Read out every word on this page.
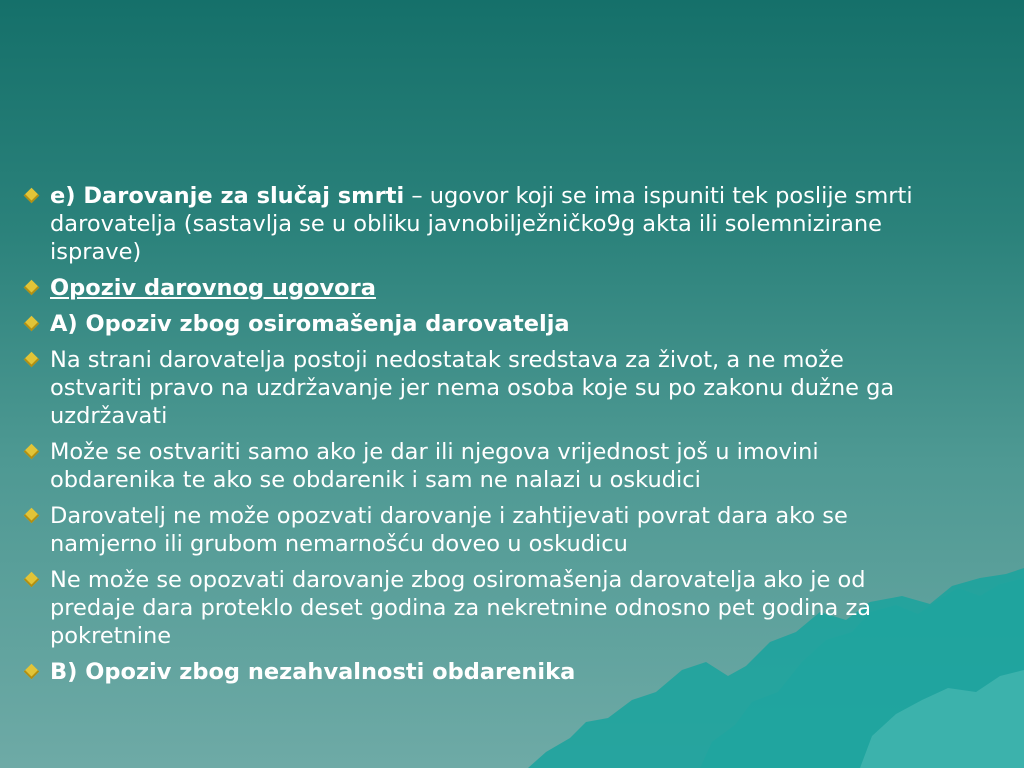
e) Darovanje za slučaj smrti – ugovor koji se ima ispuniti tek poslije smrti darovatelja (sastavlja se u obliku javnobilježničko9g akta ili solemnizirane isprave)
Opoziv darovnog ugovora
A) Opoziv zbog osiromašenja darovatelja
Na strani darovatelja postoji nedostatak sredstava za život, a ne može ostvariti pravo na uzdržavanje jer nema osoba koje su po zakonu dužne ga uzdržavati
Može se ostvariti samo ako je dar ili njegova vrijednost još u imovini obdarenika te ako se obdarenik i sam ne nalazi u oskudici
Darovatelj ne može opozvati darovanje i zahtijevati povrat dara ako se namjerno ili grubom nemarnošću doveo u oskudicu
Ne može se opozvati darovanje zbog osiromašenja darovatelja ako je od predaje dara proteklo deset godina za nekretnine odnosno pet godina za pokretnine
B) Opoziv zbog nezahvalnosti obdarenika
